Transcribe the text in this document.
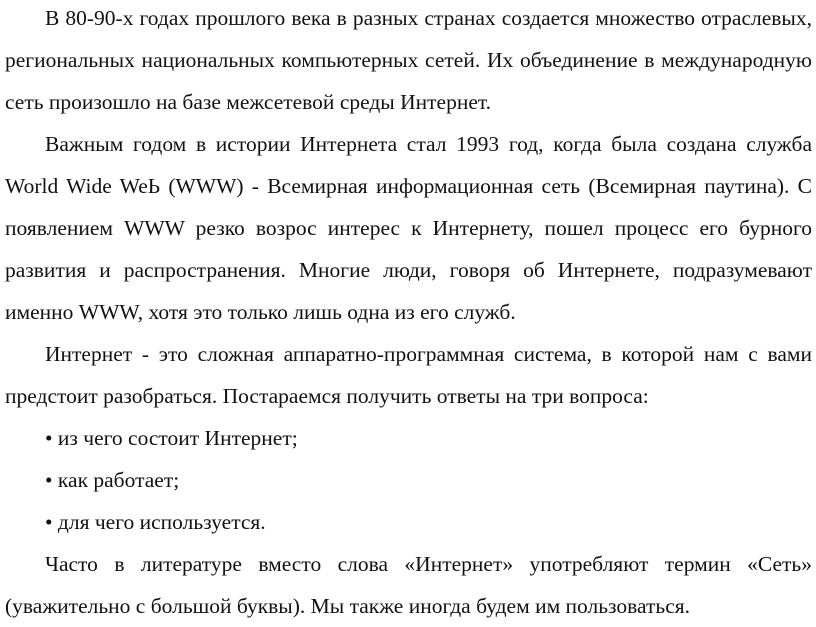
В 80-90-х годах прошлого века в разных странах создается множество отраслевых, региональных национальных компьютерных сетей. Их объединение в международную сеть произошло на базе межсетевой среды Интернет.

Важным годом в истории Интернета стал 1993 год, когда была создана служба World Wide WeЬ (WWW) - Всемирная информационная сеть (Всемирная паутина). С появлением WWW резко возрос интерес к Интернету, пошел процесс его бурного развития и распространения. Многие люди, говоря об Интернете, подразумевают именно WWW, хотя это только лишь одна из его служб.

Интернет - это сложная аппаратно-программная система, в которой нам с вами предстоит разобраться. Постараемся получить ответы на три вопроса:

• из чего состоит Интернет;

• как работает;

• для чего используется.

Часто в литературе вместо слова «Интернет» употребляют термин «Сеть» (уважительно с большой буквы). Мы также иногда будем им пользоваться.
